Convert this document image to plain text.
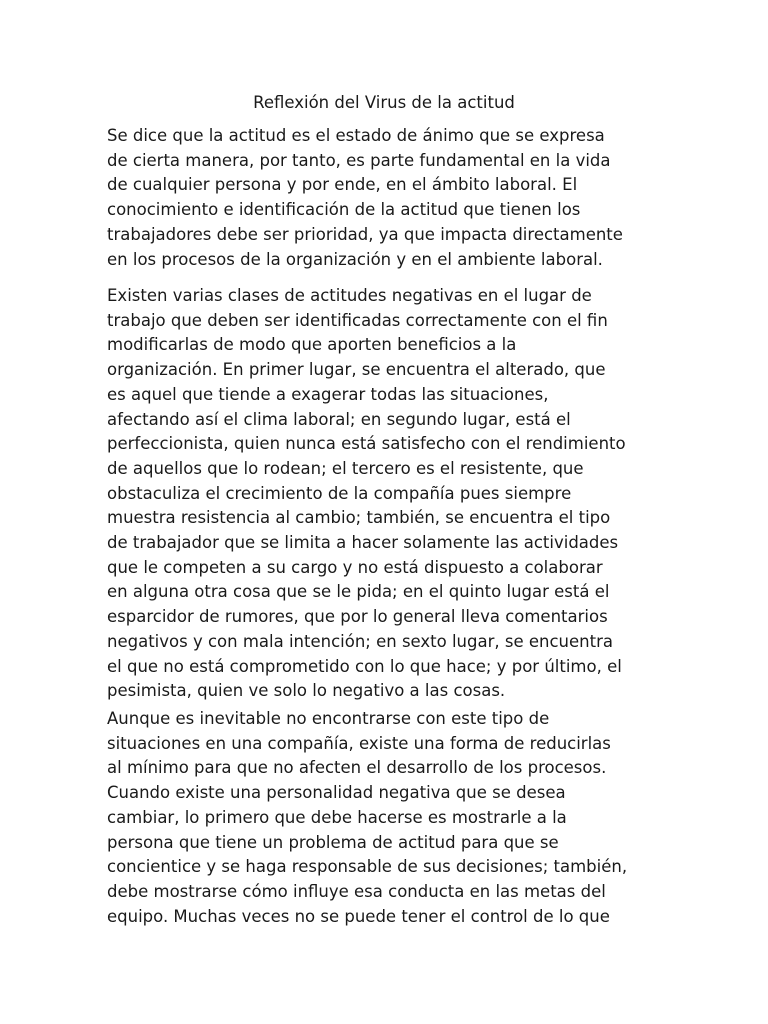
Reflexión del Virus de la actitud

Se dice que la actitud es el estado de ánimo que se expresa
de cierta manera, por tanto, es parte fundamental en la vida
de cualquier persona y por ende, en el ámbito laboral. El
conocimiento e identificación de la actitud que tienen los
trabajadores debe ser prioridad, ya que impacta directamente
en los procesos de la organización y en el ambiente laboral.

Existen varias clases de actitudes negativas en el lugar de
trabajo que deben ser identificadas correctamente con el fin
modificarlas de modo que aporten beneficios a la
organización. En primer lugar, se encuentra el alterado, que
es aquel que tiende a exagerar todas las situaciones,
afectando así el clima laboral; en segundo lugar, está el
perfeccionista, quien nunca está satisfecho con el rendimiento
de aquellos que lo rodean; el tercero es el resistente, que
obstaculiza el crecimiento de la compañía pues siempre
muestra resistencia al cambio; también, se encuentra el tipo
de trabajador que se limita a hacer solamente las actividades
que le competen a su cargo y no está dispuesto a colaborar
en alguna otra cosa que se le pida; en el quinto lugar está el
esparcidor de rumores, que por lo general lleva comentarios
negativos y con mala intención; en sexto lugar, se encuentra
el que no está comprometido con lo que hace; y por último, el
pesimista, quien ve solo lo negativo a las cosas.

Aunque es inevitable no encontrarse con este tipo de
situaciones en una compañía, existe una forma de reducirlas
al mínimo para que no afecten el desarrollo de los procesos.
Cuando existe una personalidad negativa que se desea
cambiar, lo primero que debe hacerse es mostrarle a la
persona que tiene un problema de actitud para que se
concientice y se haga responsable de sus decisiones; también,
debe mostrarse cómo influye esa conducta en las metas del
equipo. Muchas veces no se puede tener el control de lo que
